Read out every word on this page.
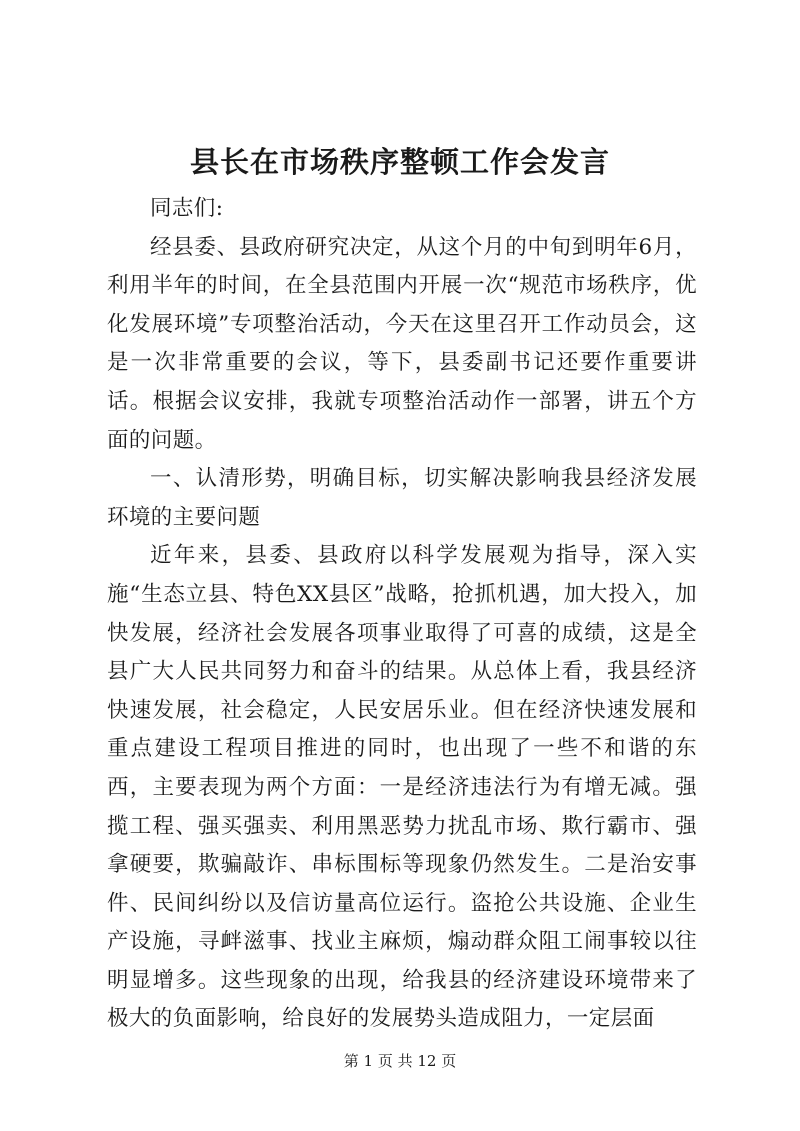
县长在市场秩序整顿工作会发言

同志们:

经县委、县政府研究决定，从这个月的中旬到明年6月，利用半年的时间，在全县范围内开展一次“规范市场秩序，优化发展环境”专项整治活动，今天在这里召开工作动员会，这是一次非常重要的会议，等下，县委副书记还要作重要讲话。根据会议安排，我就专项整治活动作一部署，讲五个方面的问题。

一、认清形势，明确目标，切实解决影响我县经济发展环境的主要问题

近年来，县委、县政府以科学发展观为指导，深入实施“生态立县、特色XX县区”战略，抢抓机遇，加大投入，加快发展，经济社会发展各项事业取得了可喜的成绩，这是全县广大人民共同努力和奋斗的结果。从总体上看，我县经济快速发展，社会稳定，人民安居乐业。但在经济快速发展和重点建设工程项目推进的同时，也出现了一些不和谐的东西，主要表现为两个方面：一是经济违法行为有增无减。强揽工程、强买强卖、利用黑恶势力扰乱市场、欺行霸市、强拿硬要，欺骗敲诈、串标围标等现象仍然发生。二是治安事件、民间纠纷以及信访量高位运行。盗抢公共设施、企业生产设施，寻衅滋事、找业主麻烦，煽动群众阻工闹事较以往明显增多。这些现象的出现，给我县的经济建设环境带来了极大的负面影响，给良好的发展势头造成阻力，一定层面

第 1 页 共 12 页
